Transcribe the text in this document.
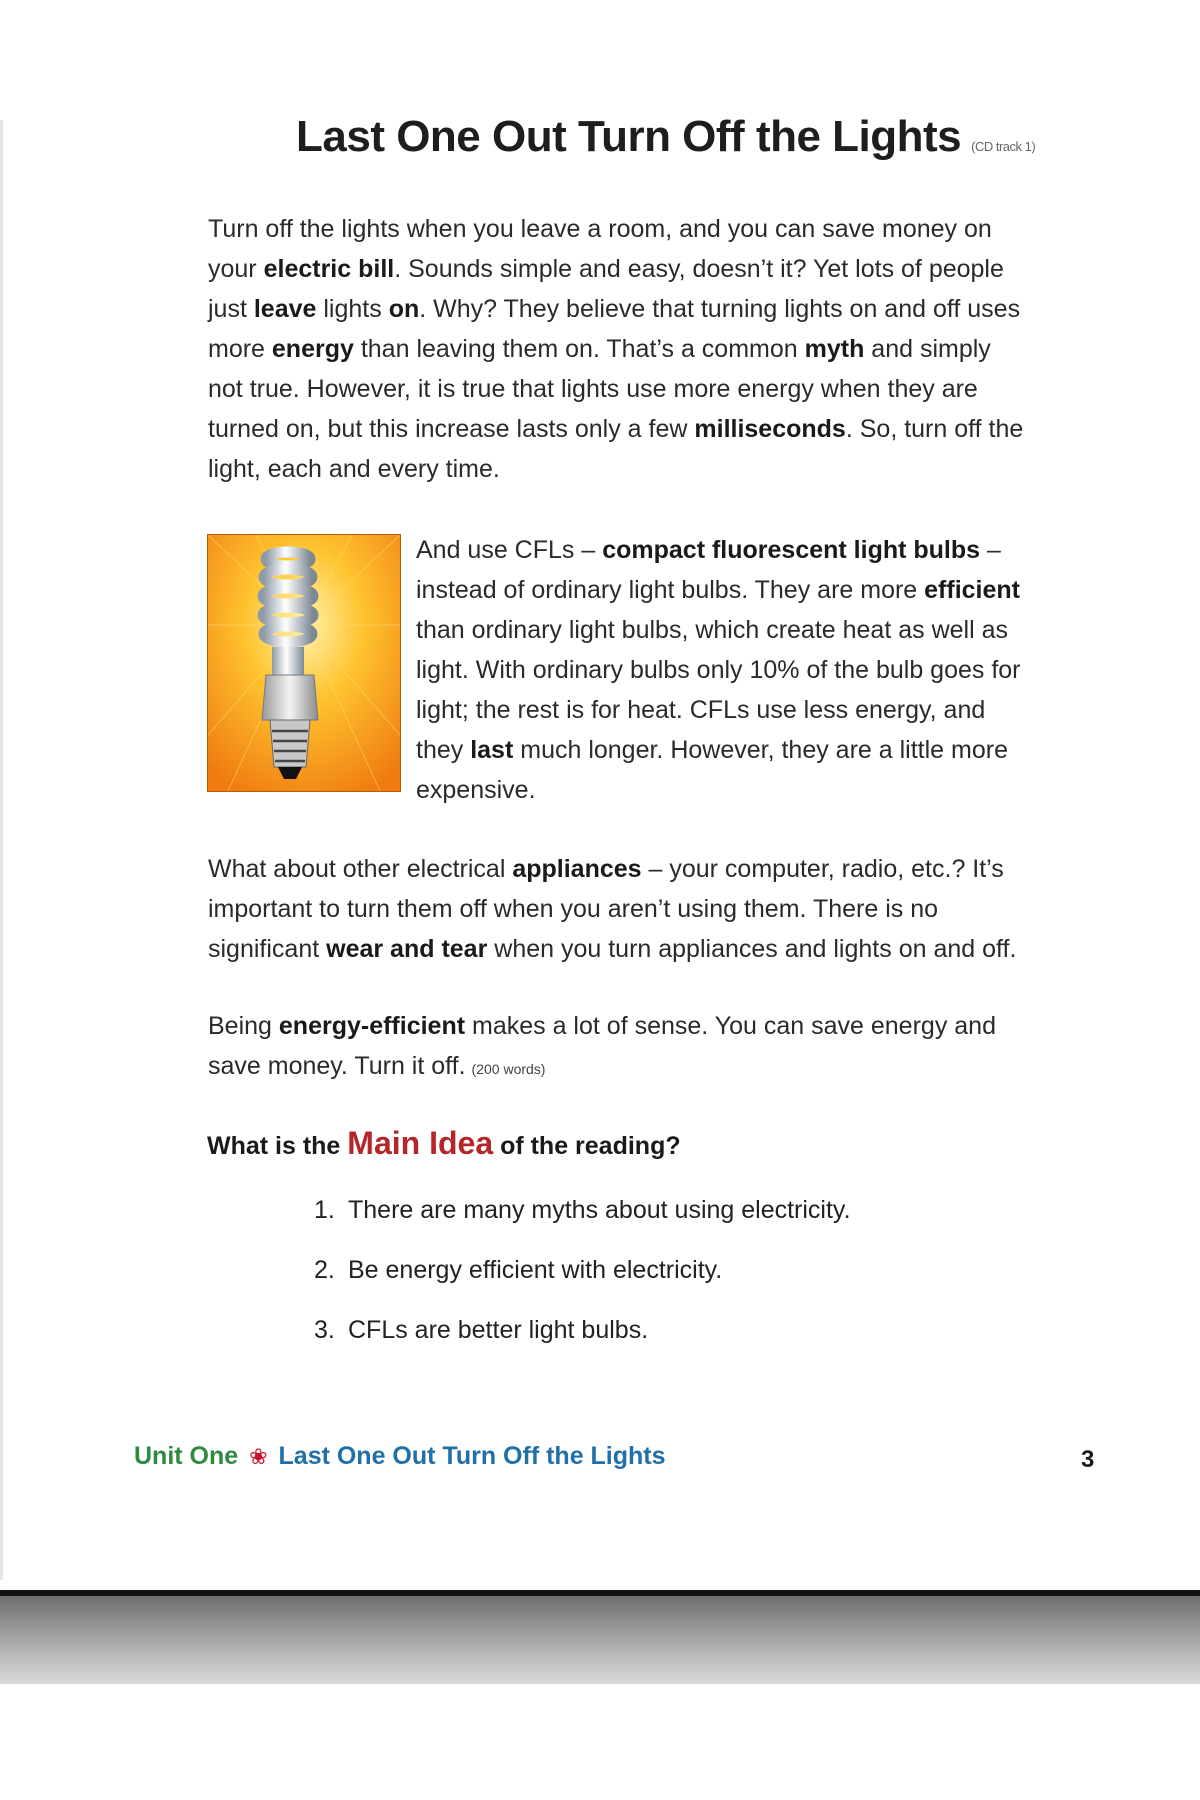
Last One Out Turn Off the Lights (CD track 1)
Turn off the lights when you leave a room, and you can save money on your electric bill. Sounds simple and easy, doesn’t it? Yet lots of people just leave lights on. Why? They believe that turning lights on and off uses more energy than leaving them on. That’s a common myth and simply not true. However, it is true that lights use more energy when they are turned on, but this increase lasts only a few milliseconds. So, turn off the light, each and every time.
And use CFLs – compact fluorescent light bulbs – instead of ordinary light bulbs. They are more efficient than ordinary light bulbs, which create heat as well as light. With ordinary bulbs only 10% of the bulb goes for light; the rest is for heat. CFLs use less energy, and they last much longer. However, they are a little more expensive.
What about other electrical appliances – your computer, radio, etc.? It’s important to turn them off when you aren’t using them. There is no significant wear and tear when you turn appliances and lights on and off.
Being energy-efficient makes a lot of sense. You can save energy and save money. Turn it off. (200 words)
What is the Main Idea of the reading?
1. There are many myths about using electricity.
2. Be energy efficient with electricity.
3. CFLs are better light bulbs.
Unit One ❀ Last One Out Turn Off the Lights	3
